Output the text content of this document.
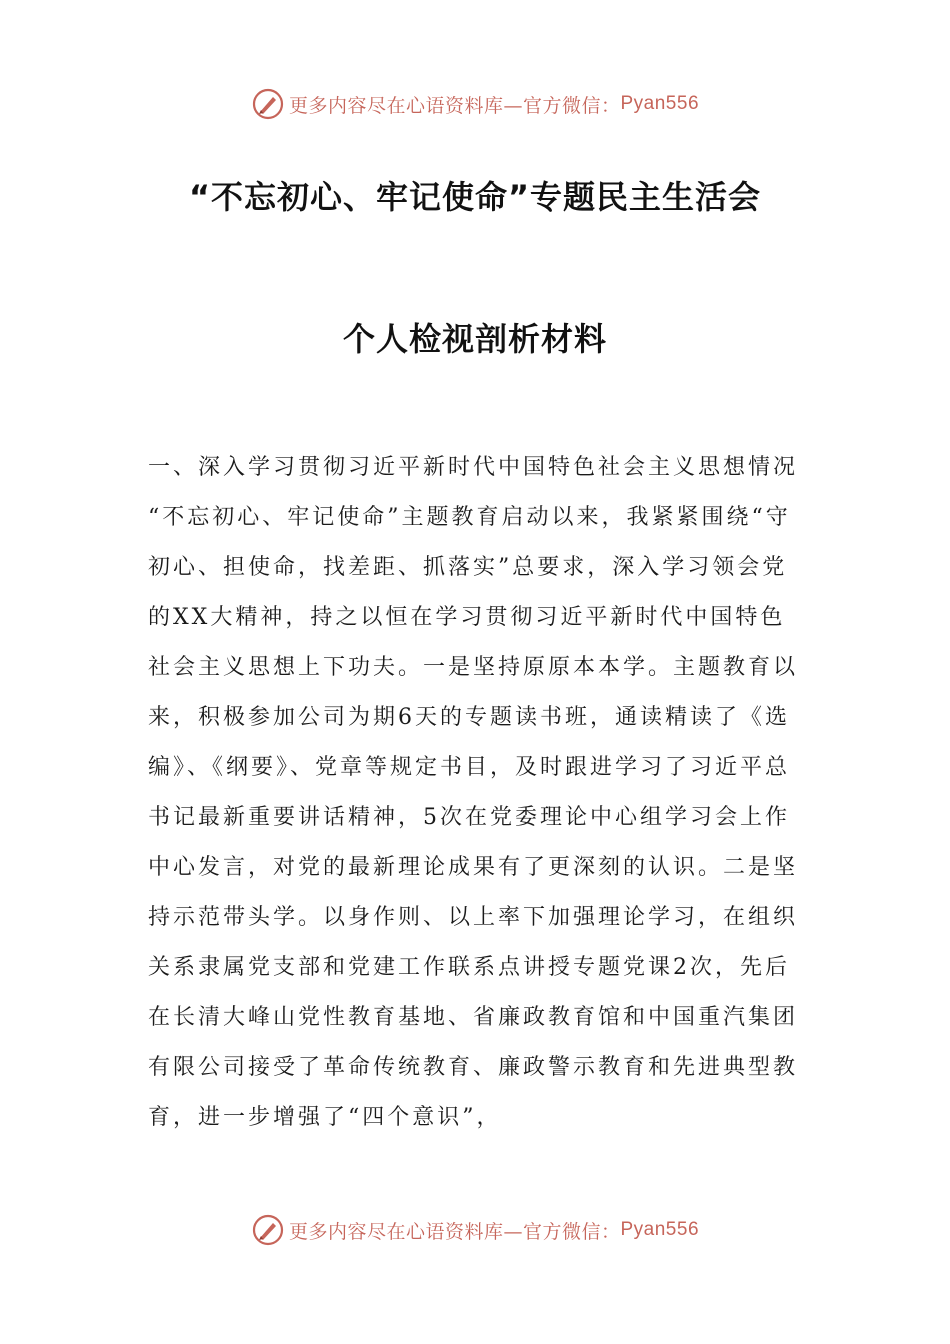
更多内容尽在心语资料库—官方微信： Pyan556
“不忘初心、牢记使命”专题民主生活会
个人检视剖析材料

一、深入学习贯彻习近平新时代中国特色社会主义思想情况

“不忘初心、牢记使命”主题教育启动以来，我紧紧围绕“守初心、担使命，找差距、抓落实”总要求，深入学习领会党的XX大精神，持之以恒在学习贯彻习近平新时代中国特色社会主义思想上下功夫。一是坚持原原本本学。主题教育以来，积极参加公司为期6天的专题读书班，通读精读了《选编》、《纲要》、党章等规定书目，及时跟进学习了习近平总书记最新重要讲话精神，5次在党委理论中心组学习会上作中心发言，对党的最新理论成果有了更深刻的认识。二是坚持示范带头学。以身作则、以上率下加强理论学习，在组织关系隶属党支部和党建工作联系点讲授专题党课2次，先后在长清大峰山党性教育基地、省廉政教育馆和中国重汽集团有限公司接受了革命传统教育、廉政警示教育和先进典型教育，进一步增强了“四个意识”，

更多内容尽在心语资料库—官方微信： Pyan556
